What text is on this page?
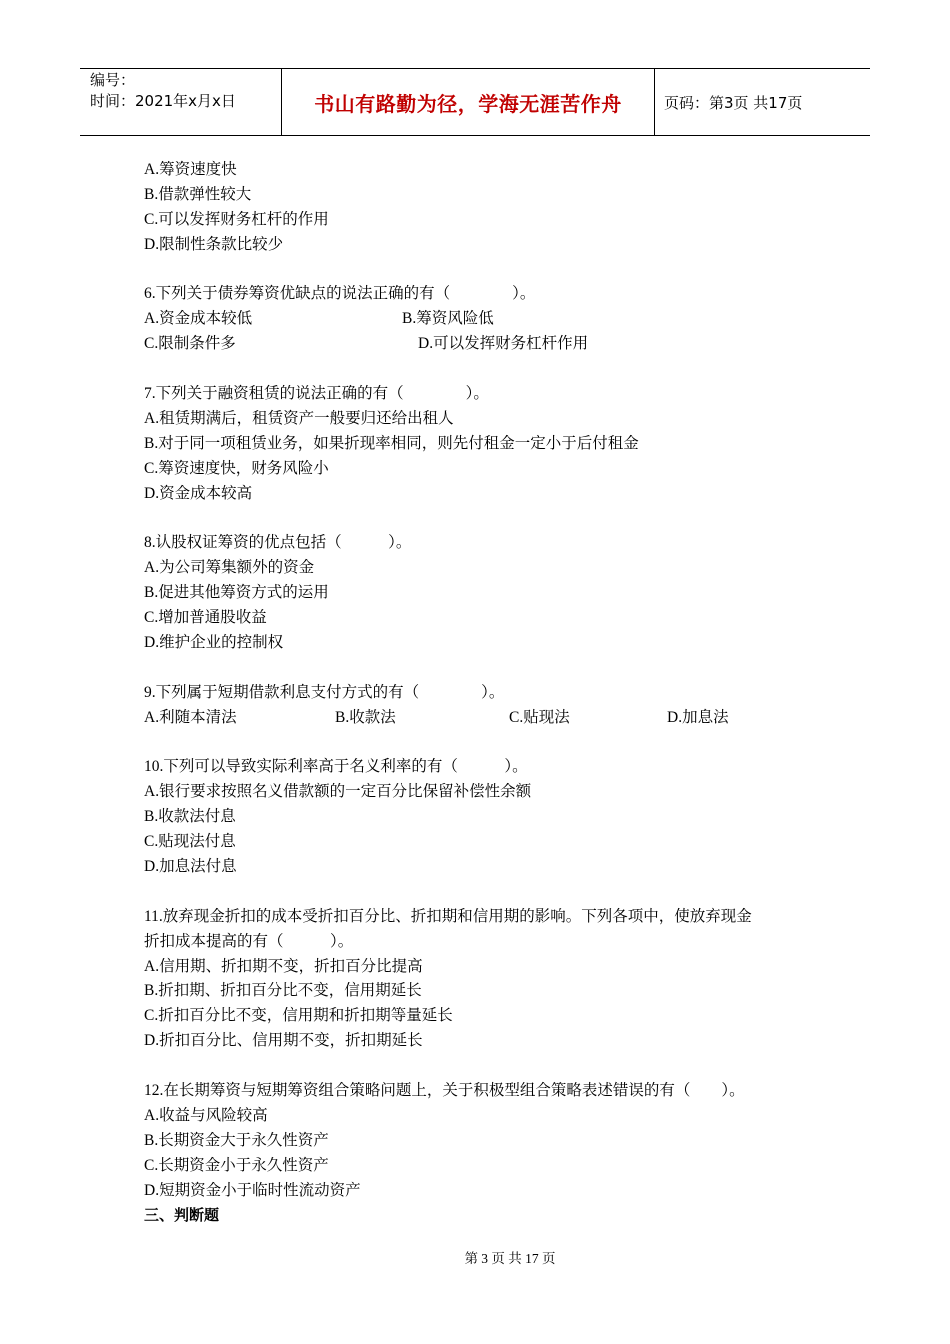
编号：
时间：2021年x月x日	书山有路勤为径，学海无涯苦作舟	页码：第3页 共17页
A.筹资速度快
B.借款弹性较大
C.可以发挥财务杠杆的作用
D.限制性条款比较少
6.下列关于债券筹资优缺点的说法正确的有（　　　　）。
A.资金成本较低	B.筹资风险低
C.限制条件多	D.可以发挥财务杠杆作用
7.下列关于融资租赁的说法正确的有（　　　　）。
A.租赁期满后，租赁资产一般要归还给出租人
B.对于同一项租赁业务，如果折现率相同，则先付租金一定小于后付租金
C.筹资速度快，财务风险小
D.资金成本较高
8.认股权证筹资的优点包括（　　　）。
A.为公司筹集额外的资金
B.促进其他筹资方式的运用
C.增加普通股收益
D.维护企业的控制权
9.下列属于短期借款利息支付方式的有（　　　　）。
A.利随本清法	B.收款法	C.贴现法	D.加息法
10.下列可以导致实际利率高于名义利率的有（　　　）。
A.银行要求按照名义借款额的一定百分比保留补偿性余额
B.收款法付息
C.贴现法付息
D.加息法付息
11.放弃现金折扣的成本受折扣百分比、折扣期和信用期的影响。下列各项中，使放弃现金
折扣成本提高的有（　　　）。
A.信用期、折扣期不变，折扣百分比提高
B.折扣期、折扣百分比不变，信用期延长
C.折扣百分比不变，信用期和折扣期等量延长
D.折扣百分比、信用期不变，折扣期延长
12.在长期筹资与短期筹资组合策略问题上，关于积极型组合策略表述错误的有（　　）。
A.收益与风险较高
B.长期资金大于永久性资产
C.长期资金小于永久性资产
D.短期资金小于临时性流动资产
三、判断题
第 3 页 共 17 页
